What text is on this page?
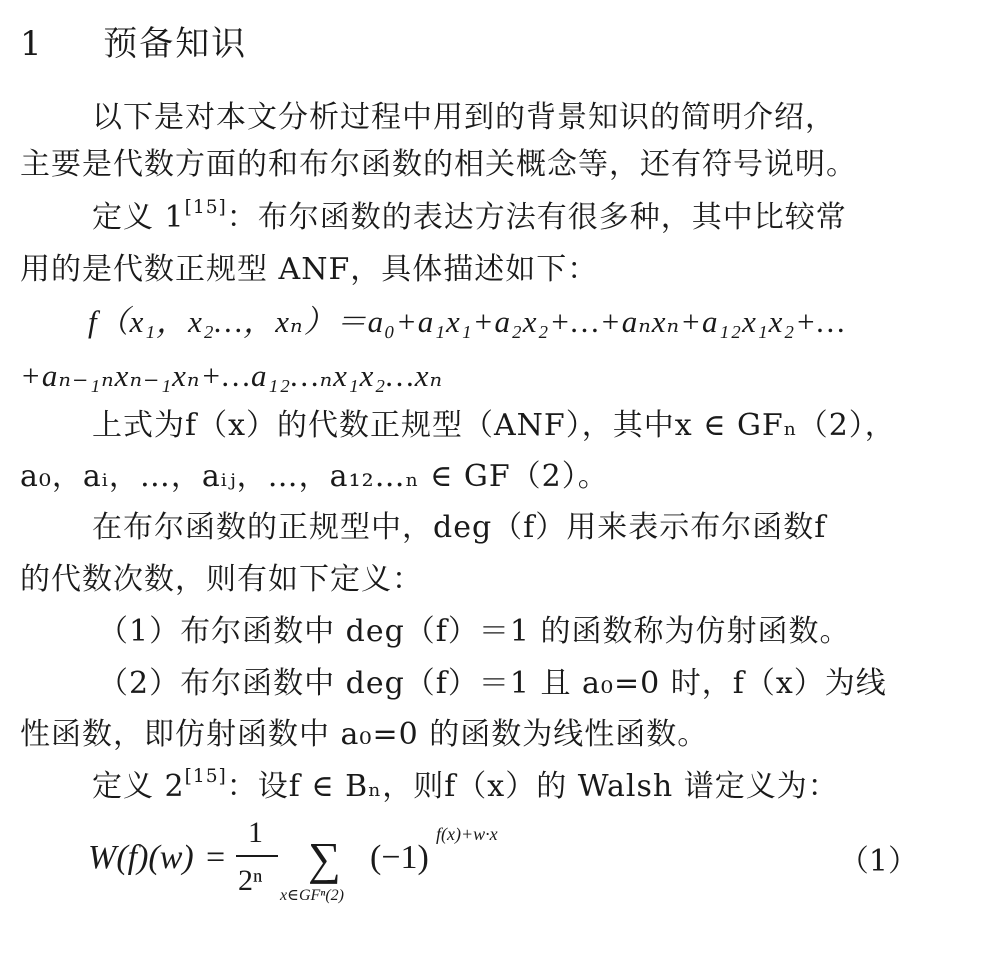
1 预备知识
以下是对本文分析过程中用到的背景知识的简明介绍，
主要是代数方面的和布尔函数的相关概念等，还有符号说明。
定义 1[15]：布尔函数的表达方法有很多种，其中比较常
用的是代数正规型 ANF，具体描述如下：
f（x₁，x₂…，xₙ）＝a₀+a₁x₁+a₂x₂+…+aₙxₙ+a₁₂x₁x₂+…
+aₙ₋₁ₙxₙ₋₁xₙ+…a₁₂…ₙx₁x₂…xₙ
上式为f（x）的代数正规型（ANF），其中x ∈ GFₙ（2），
a₀，aᵢ，…，aᵢⱼ，…，a₁₂…ₙ ∈ GF（2）。
在布尔函数的正规型中，deg（f）用来表示布尔函数f
的代数次数，则有如下定义：
（1）布尔函数中 deg（f）＝1 的函数称为仿射函数。
（2）布尔函数中 deg（f）＝1 且 a₀=0 时，f（x）为线
性函数，即仿射函数中 a₀=0 的函数为线性函数。
定义 2[15]：设f ∈ Bₙ，则f（x）的 Walsh 谱定义为：
W(f)(w) =
1
2ⁿ ∑
x∈GFⁿ(2)
(−1)
f(x)+w·x
（1）
